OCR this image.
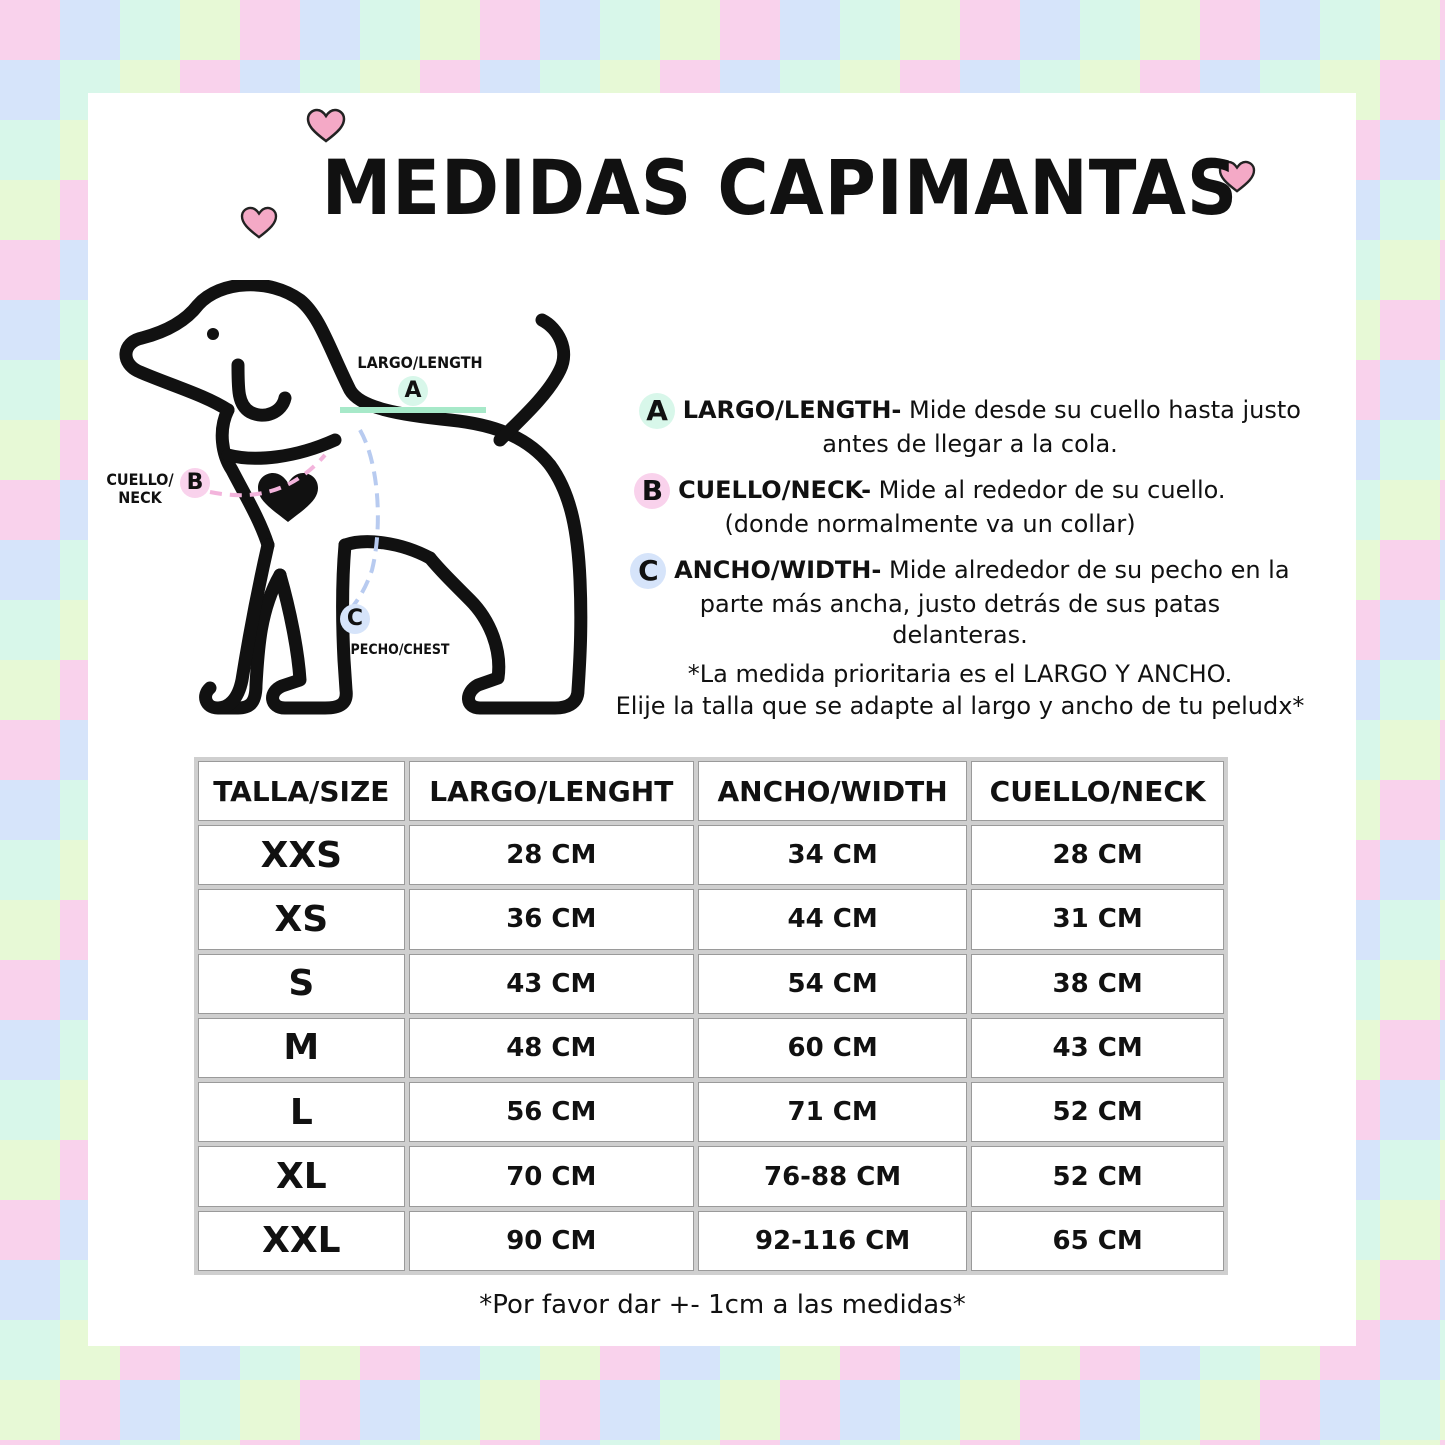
MEDIDAS CAPIMANTAS
LARGO/LENGTH
A
CUELLO/
NECK
B
C
PECHO/CHEST
A LARGO/LENGTH- Mide desde su cuello hasta justo
antes de llegar a la cola.
B CUELLO/NECK- Mide al rededor de su cuello.
(donde normalmente va un collar)
C ANCHO/WIDTH- Mide alrededor de su pecho en la
parte más ancha, justo detrás de sus patas
delanteras.
*La medida prioritaria es el LARGO Y ANCHO.
Elije la talla que se adapte al largo y ancho de tu peludx*
TALLA/SIZE	LARGO/LENGHT	ANCHO/WIDTH	CUELLO/NECK
XXS	28 CM	34 CM	28 CM
XS	36 CM	44 CM	31 CM
S	43 CM	54 CM	38 CM
M	48 CM	60 CM	43 CM
L	56 CM	71 CM	52 CM
XL	70 CM	76-88 CM	52 CM
XXL	90 CM	92-116 CM	65 CM
*Por favor dar +- 1cm a las medidas*
